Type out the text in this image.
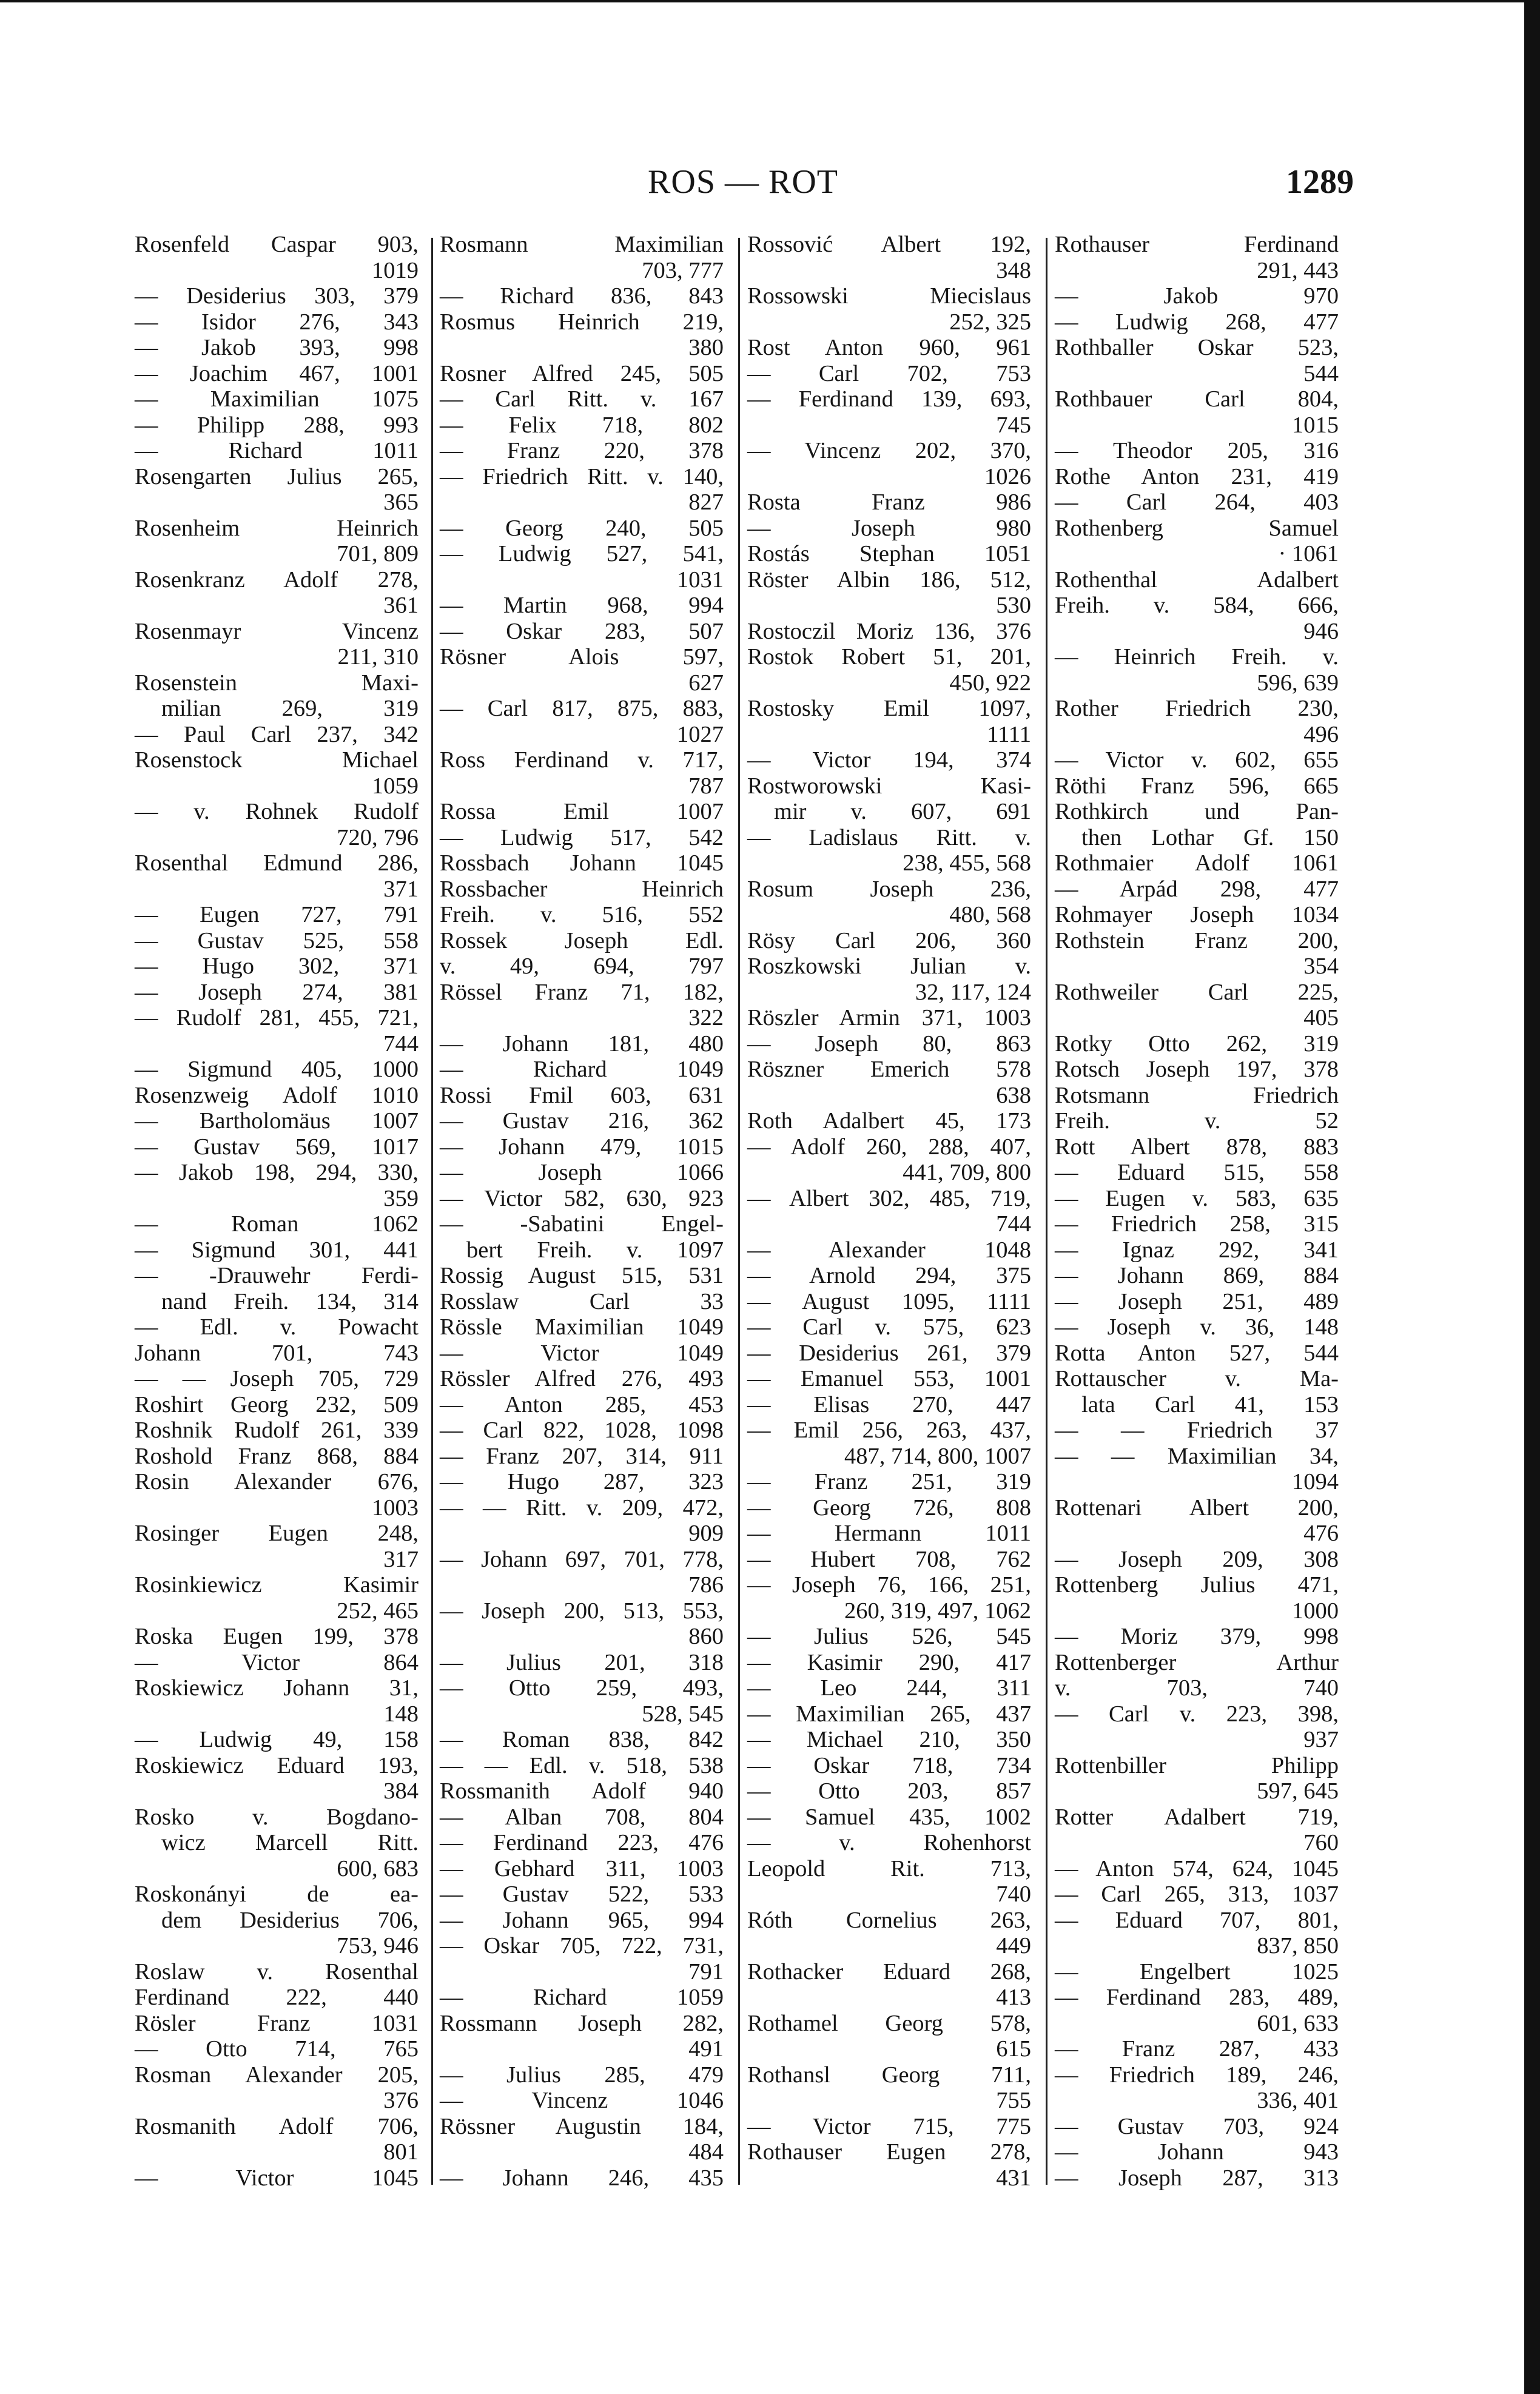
ROS — ROT	1289
Rosenfeld Caspar 903,
1019
— Desiderius 303, 379
— Isidor 276, 343
— Jakob 393, 998
— Joachim 467, 1001
— Maximilian 1075
— Philipp 288, 993
— Richard 1011
Rosengarten Julius 265,
365
Rosenheim Heinrich
701, 809
Rosenkranz Adolf 278,
361
Rosenmayr Vincenz
211, 310
Rosenstein Maxi-
milian 269, 319
— Paul Carl 237, 342
Rosenstock Michael
1059
— v. Rohnek Rudolf
720, 796
Rosenthal Edmund 286,
371
— Eugen 727, 791
— Gustav 525, 558
— Hugo 302, 371
— Joseph 274, 381
— Rudolf 281, 455, 721,
744
— Sigmund 405, 1000
Rosenzweig Adolf 1010
— Bartholomäus 1007
— Gustav 569, 1017
— Jakob 198, 294, 330,
359
— Roman 1062
— Sigmund 301, 441
— -Drauwehr Ferdi-
nand Freih. 134, 314
— Edl. v. Powacht
Johann 701, 743
— — Joseph 705, 729
Roshirt Georg 232, 509
Roshnik Rudolf 261, 339
Roshold Franz 868, 884
Rosin Alexander 676,
1003
Rosinger Eugen 248,
317
Rosinkiewicz Kasimir
252, 465
Roska Eugen 199, 378
— Victor 864
Roskiewicz Johann 31,
148
— Ludwig 49, 158
Roskiewicz Eduard 193,
384
Rosko v. Bogdano-
wicz Marcell Ritt.
600, 683
Roskonányi de ea-
dem Desiderius 706,
753, 946
Roslaw v. Rosenthal
Ferdinand 222, 440
Rösler Franz 1031
— Otto 714, 765
Rosman Alexander 205,
376
Rosmanith Adolf 706,
801
— Victor 1045
Rosmann Maximilian
703, 777
— Richard 836, 843
Rosmus Heinrich 219,
380
Rosner Alfred 245, 505
— Carl Ritt. v. 167
— Felix 718, 802
— Franz 220, 378
— Friedrich Ritt. v. 140,
827
— Georg 240, 505
— Ludwig 527, 541,
1031
— Martin 968, 994
— Oskar 283, 507
Rösner Alois 597,
627
— Carl 817, 875, 883,
1027
Ross Ferdinand v. 717,
787
Rossa Emil 1007
— Ludwig 517, 542
Rossbach Johann 1045
Rossbacher Heinrich
Freih. v. 516, 552
Rossek Joseph Edl.
v. 49, 694, 797
Rössel Franz 71, 182,
322
— Johann 181, 480
— Richard 1049
Rossi Fmil 603, 631
— Gustav 216, 362
— Johann 479, 1015
— Joseph 1066
— Victor 582, 630, 923
— -Sabatini Engel-
bert Freih. v. 1097
Rossig August 515, 531
Rosslaw Carl 33
Rössle Maximilian 1049
— Victor 1049
Rössler Alfred 276, 493
— Anton 285, 453
— Carl 822, 1028, 1098
— Franz 207, 314, 911
— Hugo 287, 323
— — Ritt. v. 209, 472,
909
— Johann 697, 701, 778,
786
— Joseph 200, 513, 553,
860
— Julius 201, 318
— Otto 259, 493,
528, 545
— Roman 838, 842
— — Edl. v. 518, 538
Rossmanith Adolf 940
— Alban 708, 804
— Ferdinand 223, 476
— Gebhard 311, 1003
— Gustav 522, 533
— Johann 965, 994
— Oskar 705, 722, 731,
791
— Richard 1059
Rossmann Joseph 282,
491
— Julius 285, 479
— Vincenz 1046
Rössner Augustin 184,
484
— Johann 246, 435
Rossović Albert 192,
348
Rossowski Miecislaus
252, 325
Rost Anton 960, 961
— Carl 702, 753
— Ferdinand 139, 693,
745
— Vincenz 202, 370,
1026
Rosta Franz 986
— Joseph 980
Rostás Stephan 1051
Röster Albin 186, 512,
530
Rostoczil Moriz 136, 376
Rostok Robert 51, 201,
450, 922
Rostosky Emil 1097,
1111
— Victor 194, 374
Rostworowski Kasi-
mir v. 607, 691
— Ladislaus Ritt. v.
238, 455, 568
Rosum Joseph 236,
480, 568
Rösy Carl 206, 360
Roszkowski Julian v.
32, 117, 124
Röszler Armin 371, 1003
— Joseph 80, 863
Röszner Emerich 578
638
Roth Adalbert 45, 173
— Adolf 260, 288, 407,
441, 709, 800
— Albert 302, 485, 719,
744
— Alexander 1048
— Arnold 294, 375
— August 1095, 1111
— Carl v. 575, 623
— Desiderius 261, 379
— Emanuel 553, 1001
— Elisas 270, 447
— Emil 256, 263, 437,
487, 714, 800, 1007
— Franz 251, 319
— Georg 726, 808
— Hermann 1011
— Hubert 708, 762
— Joseph 76, 166, 251,
260, 319, 497, 1062
— Julius 526, 545
— Kasimir 290, 417
— Leo 244, 311
— Maximilian 265, 437
— Michael 210, 350
— Oskar 718, 734
— Otto 203, 857
— Samuel 435, 1002
— v. Rohenhorst
Leopold Rit. 713,
740
Róth Cornelius 263,
449
Rothacker Eduard 268,
413
Rothamel Georg 578,
615
Rothansl Georg 711,
755
— Victor 715, 775
Rothauser Eugen 278,
431
Rothauser Ferdinand
291, 443
— Jakob 970
— Ludwig 268, 477
Rothballer Oskar 523,
544
Rothbauer Carl 804,
1015
— Theodor 205, 316
Rothe Anton 231, 419
— Carl 264, 403
Rothenberg Samuel
· 1061
Rothenthal Adalbert
Freih. v. 584, 666,
946
— Heinrich Freih. v.
596, 639
Rother Friedrich 230,
496
— Victor v. 602, 655
Röthi Franz 596, 665
Rothkirch und Pan-
then Lothar Gf. 150
Rothmaier Adolf 1061
— Arpád 298, 477
Rohmayer Joseph 1034
Rothstein Franz 200,
354
Rothweiler Carl 225,
405
Rotky Otto 262, 319
Rotsch Joseph 197, 378
Rotsmann Friedrich
Freih. v. 52
Rott Albert 878, 883
— Eduard 515, 558
— Eugen v. 583, 635
— Friedrich 258, 315
— Ignaz 292, 341
— Johann 869, 884
— Joseph 251, 489
— Joseph v. 36, 148
Rotta Anton 527, 544
Rottauscher v. Ma-
lata Carl 41, 153
— — Friedrich 37
— — Maximilian 34,
1094
Rottenari Albert 200,
476
— Joseph 209, 308
Rottenberg Julius 471,
1000
— Moriz 379, 998
Rottenberger Arthur
v. 703, 740
— Carl v. 223, 398,
937
Rottenbiller Philipp
597, 645
Rotter Adalbert 719,
760
— Anton 574, 624, 1045
— Carl 265, 313, 1037
— Eduard 707, 801,
837, 850
— Engelbert 1025
— Ferdinand 283, 489,
601, 633
— Franz 287, 433
— Friedrich 189, 246,
336, 401
— Gustav 703, 924
— Johann 943
— Joseph 287, 313
